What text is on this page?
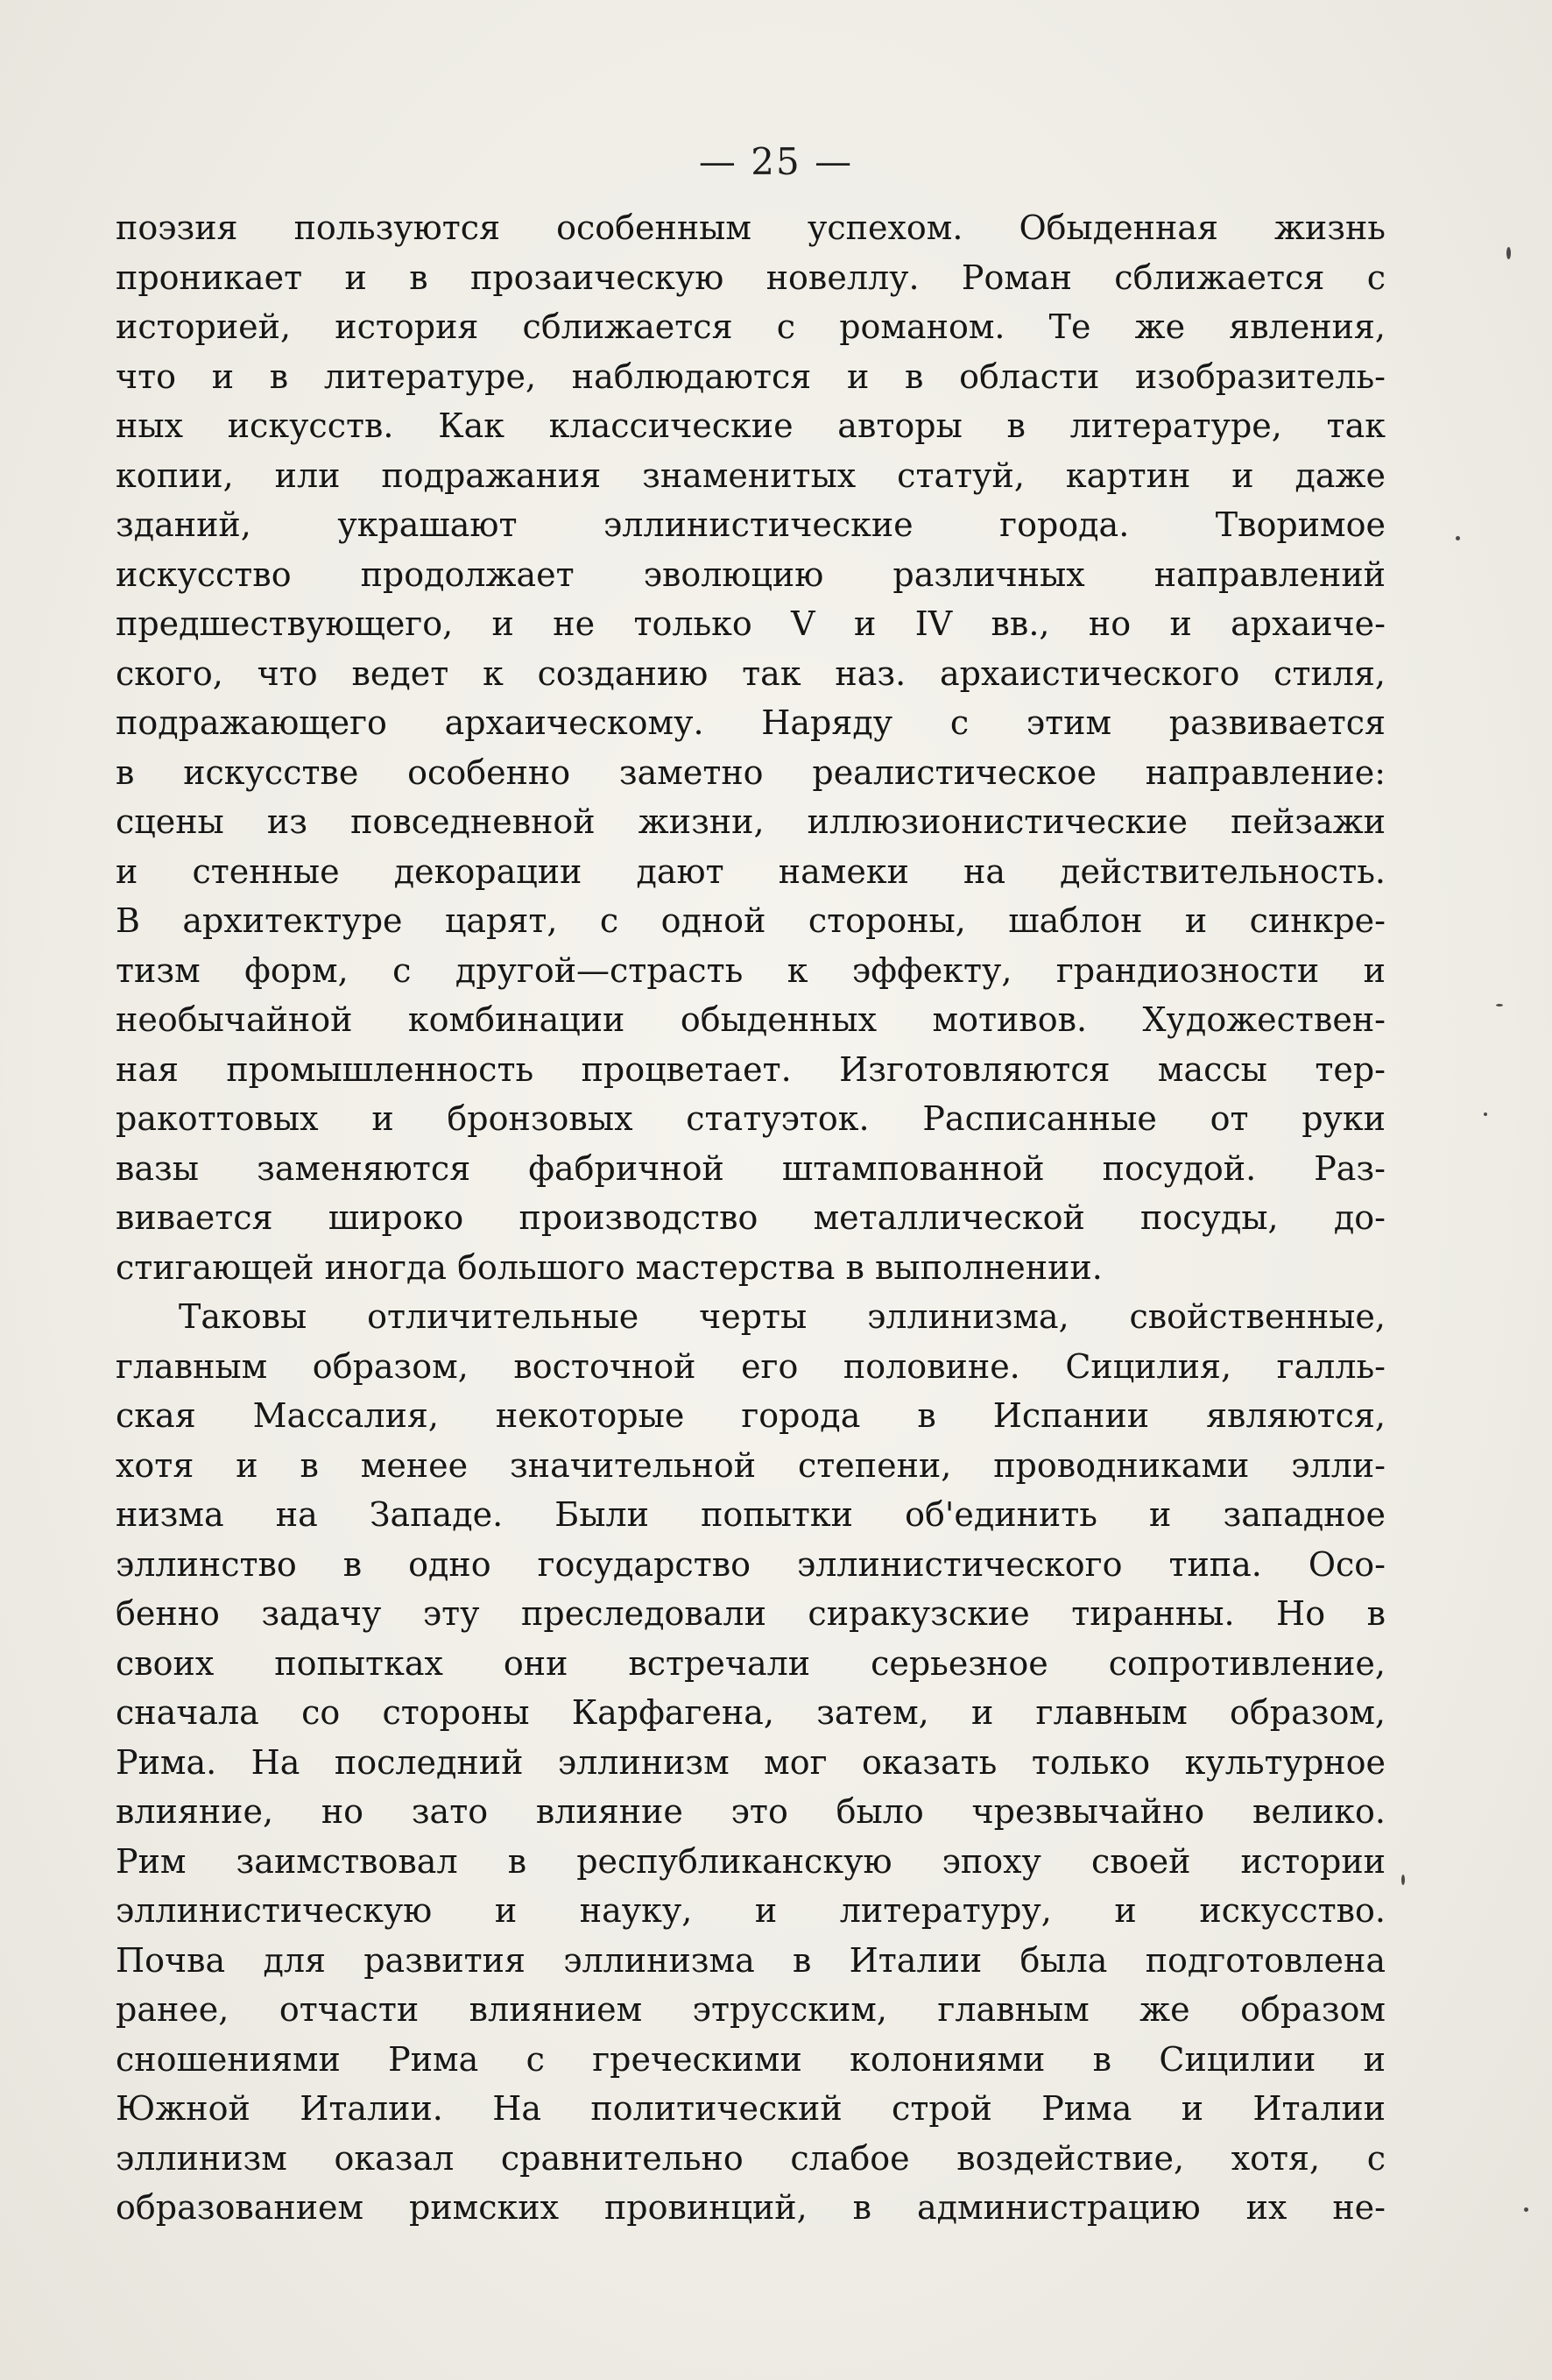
— 25 —
поэзия пользуются особенным успехом. Обыденная жизнь
проникает и в прозаическую новеллу. Роман сближается с
историей, история сближается с романом. Те же явления,
что и в литературе, наблюдаются и в области изобразитель-
ных искусств. Как классические авторы в литературе, так
копии, или подражания знаменитых статуй, картин и даже
зданий, украшают эллинистические города. Творимое
искусство продолжает эволюцию различных направлений
предшествующего, и не только V и IV вв., но и архаиче-
ского, что ведет к созданию так наз. архаистического стиля,
подражающего архаическому. Наряду с этим развивается
в искусстве особенно заметно реалистическое направление:
сцены из повседневной жизни, иллюзионистические пейзажи
и стенные декорации дают намеки на действительность.
В архитектуре царят, с одной стороны, шаблон и синкре-
тизм форм, с другой—страсть к эффекту, грандиозности и
необычайной комбинации обыденных мотивов. Художествен-
ная промышленность процветает. Изготовляются массы тер-
ракоттовых и бронзовых статуэток. Расписанные от руки
вазы заменяются фабричной штампованной посудой. Раз-
вивается широко производство металлической посуды, до-
стигающей иногда большого мастерства в выполнении.
Таковы отличительные черты эллинизма, свойственные,
главным образом, восточной его половине. Сицилия, галль-
ская Массалия, некоторые города в Испании являются,
хотя и в менее значительной степени, проводниками элли-
низма на Западе. Были попытки об'единить и западное
эллинство в одно государство эллинистического типа. Осо-
бенно задачу эту преследовали сиракузские тиранны. Но в
своих попытках они встречали серьезное сопротивление,
сначала со стороны Карфагена, затем, и главным образом,
Рима. На последний эллинизм мог оказать только культурное
влияние, но зато влияние это было чрезвычайно велико.
Рим заимствовал в республиканскую эпоху своей истории
эллинистическую и науку, и литературу, и искусство.
Почва для развития эллинизма в Италии была подготовлена
ранее, отчасти влиянием этрусским, главным же образом
сношениями Рима с греческими колониями в Сицилии и
Южной Италии. На политический строй Рима и Италии
эллинизм оказал сравнительно слабое воздействие, хотя, с
образованием римских провинций, в администрацию их не-
